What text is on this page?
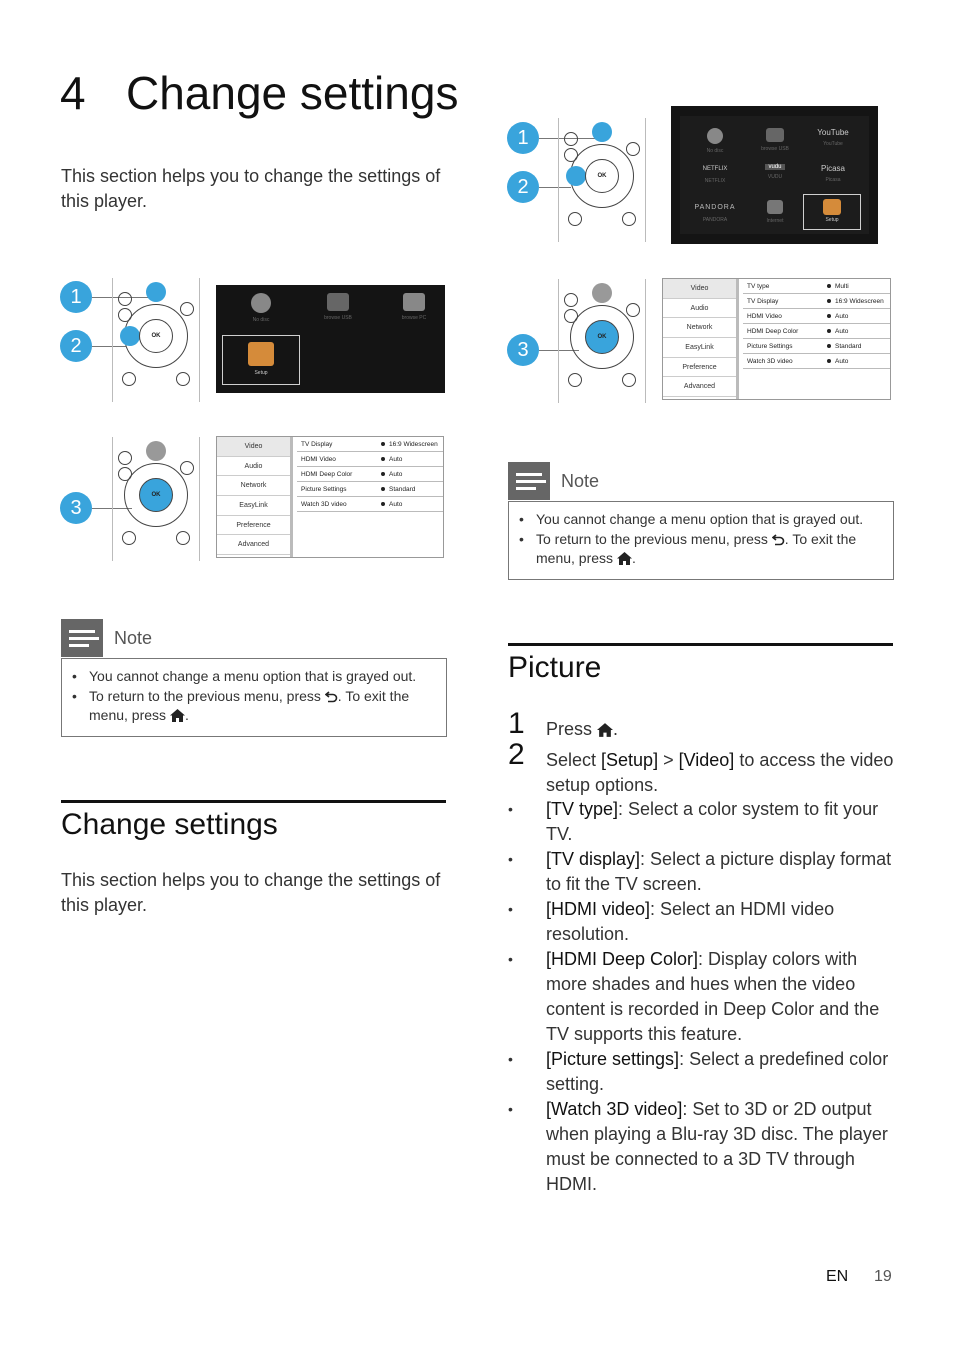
4 Change settings
This section helps you to change the settings of this player.
1
2	OK
No disc	browse USB	browse PC
Setup
3
OK
Video
Audio
Network
EasyLink
Preference
Advanced
TV Display	16:9 Widescreen
HDMI Video	Auto
HDMI Deep Color	Auto
Picture Settings	Standard
Watch 3D video	Auto
Note
• You cannot change a menu option that is grayed out.
• To return to the previous menu, press . To exit the menu, press .
Change settings
This section helps you to change the settings of this player.
1
2	OK
No disc	browse USB
YouTube
YouTube
NETFLIX
NETFLIX
vudu
VUDU
Picasa
Picasa
PANDORA
PANDORA	Internet	Setup
3
OK
Video
Audio
Network
EasyLink
Preference
Advanced
TV type	Multi
TV Display	16:9 Widescreen
HDMI Video	Auto
HDMI Deep Color	Auto
Picture Settings	Standard
Watch 3D video	Auto
Note
• You cannot change a menu option that is grayed out.
• To return to the previous menu, press . To exit the menu, press .
Picture
1 Press .
2 Select [Setup] > [Video] to access the video setup options.
• [TV type]: Select a color system to fit your TV.
• [TV display]: Select a picture display format to fit the TV screen.
• [HDMI video]: Select an HDMI video resolution.
• [HDMI Deep Color]: Display colors with more shades and hues when the video content is recorded in Deep Color and the TV supports this feature.
• [Picture settings]: Select a predefined color setting.
• [Watch 3D video]: Set to 3D or 2D output when playing a Blu-ray 3D disc. The player must be connected to a 3D TV through HDMI.
EN 19
